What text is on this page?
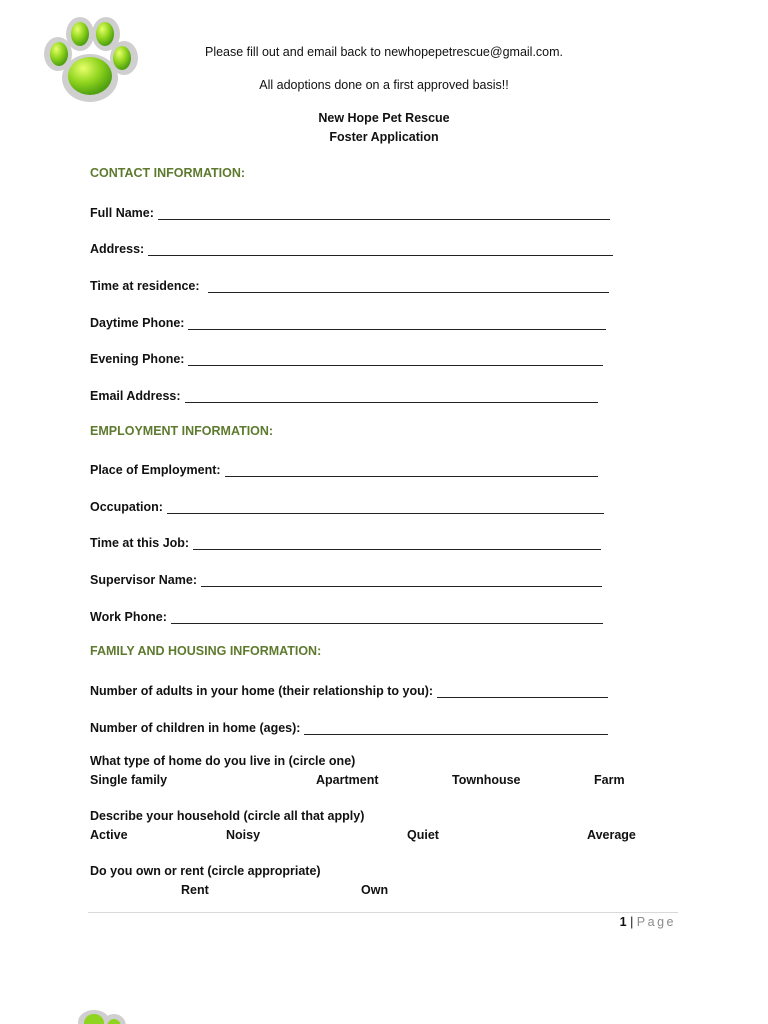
Please fill out and email back to newhopepetrescue@gmail.com.
All adoptions done on a first approved basis!!
New Hope Pet Rescue
Foster Application
CONTACT INFORMATION:
Full Name:
Address:
Time at residence:
Daytime Phone:
Evening Phone:
Email Address:
EMPLOYMENT INFORMATION:
Place of Employment:
Occupation:
Time at this Job:
Supervisor Name:
Work Phone:
FAMILY AND HOUSING INFORMATION:
Number of adults in your home (their relationship to you):
Number of children in home (ages):
What type of home do you live in (circle one)
Single family	Apartment	Townhouse	Farm
Describe your household (circle all that apply)
Active	Noisy	Quiet	Average
Do you own or rent (circle appropriate)
Rent	Own
1 | Page
